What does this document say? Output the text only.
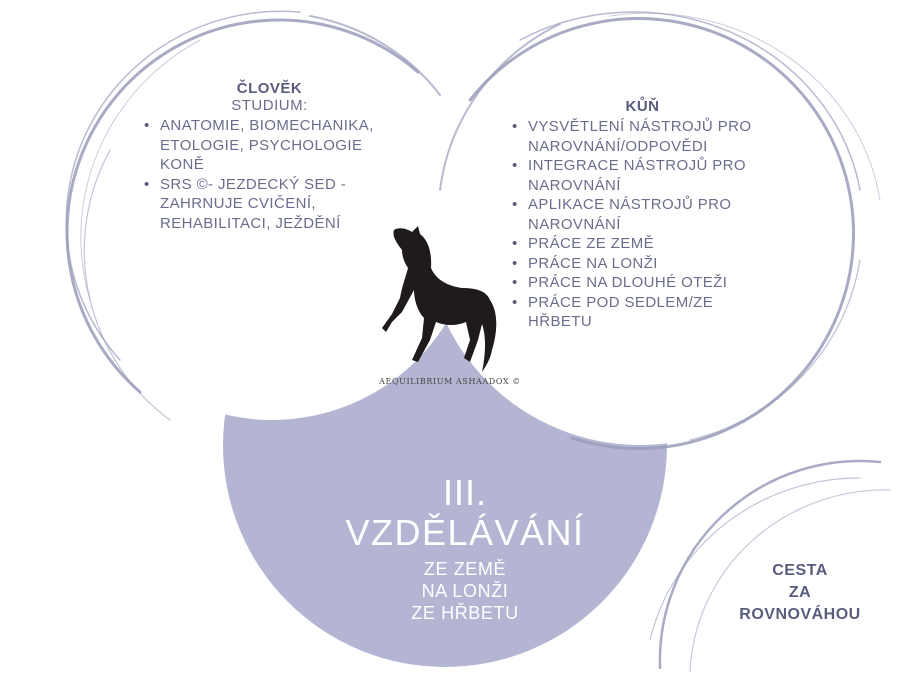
ČLOVĚK
STUDIUM:
• ANATOMIE, BIOMECHANIKA, ETOLOGIE, PSYCHOLOGIE KONĚ
• SRS ©- JEZDECKÝ SED - ZAHRNUJE CVIČENÍ, REHABILITACI, JEŽDĚNÍ
KŮŇ
• VYSVĚTLENÍ NÁSTROJŮ PRO NAROVNÁNÍ/ODPOVĚDI
• INTEGRACE NÁSTROJŮ PRO NAROVNÁNÍ
• APLIKACE NÁSTROJŮ PRO NAROVNÁNÍ
• PRÁCE ZE ZEMĚ
• PRÁCE NA LONŽI
• PRÁCE NA DLOUHÉ OTEŽI
• PRÁCE POD SEDLEM/ZE HŘBETU
AEQUILIBRIUM ASHAADOX ©
III.
VZDĚLÁVÁNÍ
ZE ZEMĚ
NA LONŽI
ZE HŘBETU
CESTA
ZA
ROVNOVÁHOU
